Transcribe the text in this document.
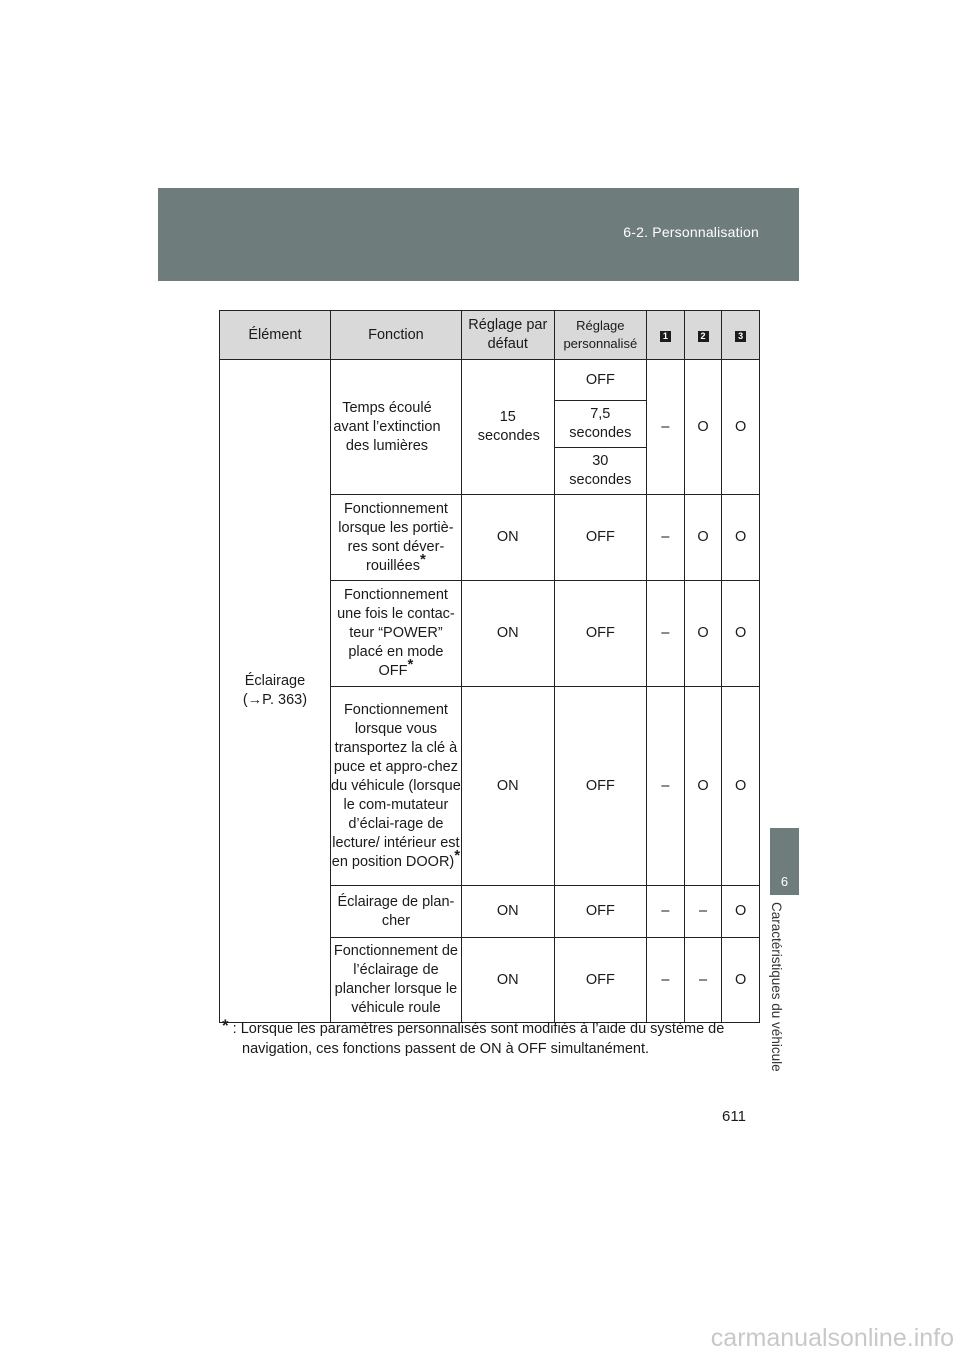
6-2. Personnalisation
6
Caractéristiques du véhicule
Élément	Fonction	Réglage par défaut	Réglage personnalisé	1	2	3

Éclairage
(→P. 363)	Temps écoulé avant l’extinction des lumières	15 secondes	OFF	–	O	O
			7,5 secondes			
			30 secondes			
	Fonctionnement lorsque les portiè-res sont déver-rouillées*	ON	OFF	–	O	O
	Fonctionnement une fois le contac-teur “POWER” placé en mode OFF*	ON	OFF	–	O	O
	Fonctionnement lorsque vous transportez la clé à puce et appro-chez du véhicule (lorsque le com-mutateur d’éclai-rage de lecture/ intérieur est en position DOOR)*	ON	OFF	–	O	O
	Éclairage de plan-cher	ON	OFF	–	–	O
	Fonctionnement de l’éclairage de plancher lorsque le véhicule roule	ON	OFF	–	–	O
* : Lorsque les paramètres personnalisés sont modifiés à l’aide du système de
navigation, ces fonctions passent de ON à OFF simultanément.
611
carmanualsonline.info
